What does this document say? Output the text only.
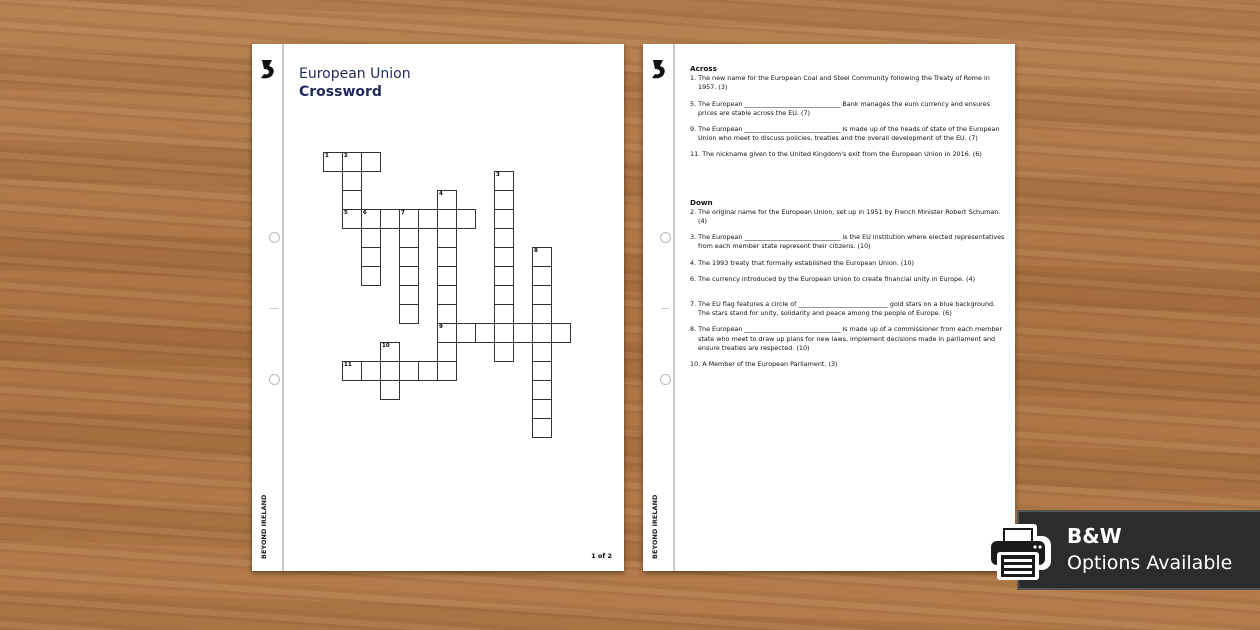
BEYOND IRELAND
European Union
Crossword
1	2
5
3
4
9
6	7
8
10
11
1 of 2	BEYOND IRELAND
Across
1. The new name for the European Coal and Steel Community following the Treaty of Rome in 1957. (3)
5. The European ______________________________ Bank manages the euro currency and ensures prices are stable across the EU. (7)
9. The European ______________________________ is made up of the heads of state of the European Union who meet to discuss policies, treaties and the overall development of the EU. (7)
11. The nickname given to the United Kingdom's exit from the European Union in 2016. (6)
Down
2. The original name for the European Union, set up in 1951 by French Minister Robert Schuman. (4)
3. The European ______________________________ is the EU institution where elected representatives from each member state represent their citizens. (10)
4. The 1993 treaty that formally established the European Union. (10)
6. The currency introduced by the European Union to create financial unity in Europe. (4)
7. The EU flag features a circle of ____________________________ gold stars on a blue background. The stars stand for unity, solidarity and peace among the people of Europe. (6)
8. The European ______________________________ is made up of a commissioner from each member state who meet to draw up plans for new laws, implement decisions made in parliament and ensure treaties are respected. (10)
10. A Member of the European Parliament. (3)
B&W
Options Available
